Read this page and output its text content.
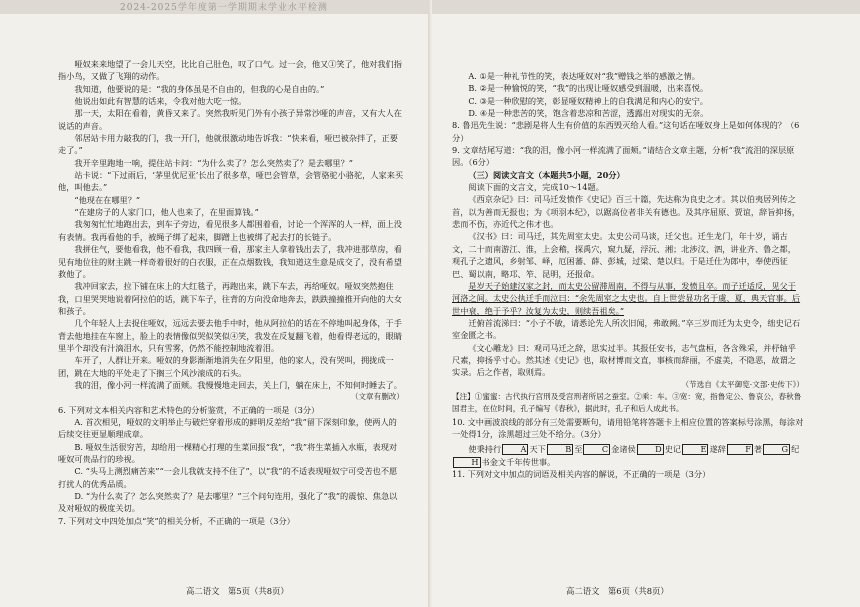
2024-2025学年度第一学期期末学业水平检测

哑奴来来地望了一会儿天空，比比自己肚色，叹了口气。过一会，他又①笑了，他对我们指指小鸟，又做了飞翔的动作。

我知道，他要说的是：“我的身体虽是不自由的，但我的心是自由的。”

他说出如此有智慧的话来，令我对他大吃一惊。

那一天，太阳在看着，黄昏又来了。突然我听见门外有小孩子异常沙哑的声音，又有大人在说话的声音。

邻居站卡用力敲我的门，我一开门，他就很激动地告诉我：“快来看，哑巴被杂拌了，正要走了。”

我开辛里跑地一响，提住站卡问：“为什么卖了？怎么突然卖了？是去哪里？”

站卡说：“下过雨后，‘茅里优尼亚’长出了很多草，哑巴会管草，会管骆驼小骆驼，人家来买他，叫他去。”

“他现在在哪里？”

“在建房子的人家门口，他人也来了，在里面算钱。”

我匆匆忙忙地跑出去，到车子旁边，看见很多人都围着看，讨论一个浑浑的人一样，面上没有表情。我再看他的手，被绳子绑了起来，脚蹭上也被绑了起去打的长链子。

我拼住气，要他看我，他不看我，我四顾一看，那家主人拿着钱出去了，我冲进那草房，看见有地位往的财主跳一样奇着很好的白衣服，正在点烟数钱，我知道这生意是成交了，没有希望救他了。

我冲回家去，拉下铺在床上的大红毯子，再跑出来，跳下车去，再给哑奴。哑奴突然抱住我，口里哭哭地说着阿拉伯的话，跳下车子，往背的方向没命地奔去，跌跌撞撞推开向他的大女和孩子。

几个年轻人上去捉住哑奴，远远去要去他手中时，他从阿拉伯的话在不停地叫起身体，于手背去他地挂在车窗上，脸上的表情像似哭似笑似④笑，我发在反复翻飞着，他看得老远的，眼睛里半个却没有汁滴泪水，只有雪雾，仍然不能控制地流着泪。

车开了，人群让开来。哑奴的身影渐渐地消失在夕阳里，他的家人，没有哭叫，拥拢成一团，跳在大地的平处走了下搁三个风沙滚成的石头。

我的泪，像小河一样流满了面颊。我慢慢地走回去，关上门，躺在床上，不知何时睡去了。

（文章有删改）

6. 下列对文本相关内容和艺术特色的分析鉴赏，不正确的一项是（3分）

A. 首次相见，哑奴的文明举止与破烂穿着形成的鲜明反差给“我”留下深刻印象，使两人的后续交往更显顺理成章。

B. 哑奴生活很穷苦，却给用一棵精心打理的生菜回报“我”，“我”将生菜插入水瓶，表现对哑奴可贵品行的珍视。

C. “头马上测烈痛苦来”“一会儿我就支持不住了”，以“我”的不适表现哑奴宁可受苦也不愿打扰人的优秀品质。

D. “为什么卖了？怎么突然卖了？是去哪里？”三个问句连用，强化了“我”的震惊、焦急以及对哑奴的极度关切。

7. 下列对文中四处加点“笑”的相关分析，不正确的一项是（3分）

A. ①是一种礼节性的笑，表达哑奴对“我”赠钱之举的感激之情。

B. ②是一种愉悦的笑，“我”的出现让哑奴感受到温暖，出来喜悦。

C. ③是一种欣慰的笑，彰显哑奴精神上的自我满足和内心的安宁。

D. ④是一种悲苦的笑，饱含着悲凉和苦涩，透露出对现实的无奈。

8. 鲁迅先生说：“悲剧是将人生有价值的东西毁灭给人看。”这句话在哑奴身上是如何体现的？（6分）

9. 文章结尾写道：“我的泪，像小河一样流满了面颊。”请结合文章主题，分析“我”流泪的深层原因。（6分）

（三）阅读文言文（本题共5小题，20分）

阅读下面的文言文，完成10～14题。

《西京杂记》曰：司马迁发愤作《史记》百三十篇，先达称为良史之才。其以伯夷居列传之首，以为善而无报也；为《项羽本纪》，以踞高位者非关有德也。及其序屈原、贾谊，辞旨抑扬，悲而不伤，亦近代之伟才也。

《汉书》曰：司马迁，其先周室太史。太史公司马谈，迁父也。迁生龙门，年十岁，诵古文，二十而南游江、淮，上会稽，探禹穴，窥九疑，浮沅、湘；北涉汶、泗，讲业齐、鲁之都，观孔子之遗风，乡射邹、峄，厄困蕃、薛、彭城，过梁、楚以归。于是迁仕为郎中，奉使西征巴、蜀以南，略邛、笮、昆明，还报命。

是岁天子始建汉家之封，而太史公留滞周南，不得与从事，发愤且卒。而子迁适反，见父于河洛之间。太史公执迁手而泣曰：“余先周室之太史也。自上世尝显功名于虞、夏，典天官事。后世中衰，绝于予乎？汝复为太史，则续吾祖矣。”

迁俯首流涕曰：“小子不敏，请悉论先人所次旧闻，弗敢阙。”卒三岁而迁为太史令，绌史记石室金匮之书。

《文心雕龙》曰：观司马迁之辞，思实过半。其报任安书，志气盘桓，各含殊采，并杼轴乎尺素，抑扬乎寸心。然其述《史记》也，取材博而文直，事核而辞丽，不虚美，不隐恶，故谓之实录。后之作者，取则焉。

（节选自《太平御览·文部·史传下》）

【注】①蜜蜜：古代执行宫刑及受宫刑者所居之蚕室。②乘：车。③宽：宽，指鲁定公、鲁哀公，春秋鲁国君主，在位时间，孔子编写《春秋》，据此时，孔子和后人成此书。

10. 文中画波浪线的部分有三处需要断句，请用铅笔将答题卡上相应位置的答案标号涂黑，每涂对一处得1分，涂黑超过三处不给分。（3分）

使秉持行 A 天下 B 至 C 金诸侯 D 史记 E 遂辞 F 著 G 纪H 书金文千年传世事。

11. 下列对文中加点的词语及相关内容的解说，不正确的一项是（3分）

高二语文　第5页（共8页）	高二语文　第6页（共8页）
